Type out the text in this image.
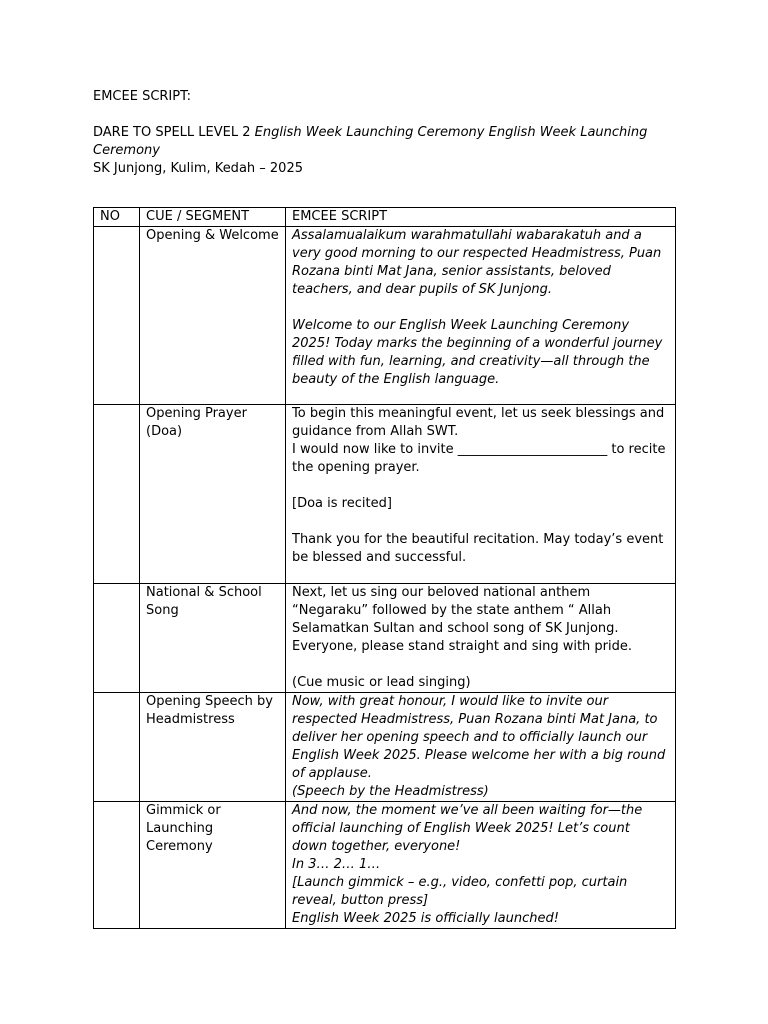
EMCEE SCRIPT:
DARE TO SPELL LEVEL 2 English Week Launching Ceremony English Week Launching Ceremony
SK Junjong, Kulim, Kedah – 2025
NO	CUE / SEGMENT	EMCEE SCRIPT
	Opening & Welcome	Assalamualaikum warahmatullahi wabarakatuh and a very good morning to our respected Headmistress, Puan Rozana binti Mat Jana, senior assistants, beloved teachers, and dear pupils of SK Junjong.

Welcome to our English Week Launching Ceremony 2025! Today marks the beginning of a wonderful journey filled with fun, learning, and creativity—all through the beauty of the English language.

	Opening Prayer (Doa)	To begin this meaningful event, let us seek blessings and guidance from Allah SWT.

I would now like to invite _______________________ to recite the opening prayer.

[Doa is recited]

Thank you for the beautiful recitation. May today’s event be blessed and successful.

	National & School Song	Next, let us sing our beloved national anthem “Negaraku” followed by the state anthem “ Allah Selamatkan Sultan and school song of SK Junjong. Everyone, please stand straight and sing with pride.

(Cue music or lead singing)

	Opening Speech by Headmistress	Now, with great honour, I would like to invite our respected Headmistress, Puan Rozana binti Mat Jana, to deliver her opening speech and to officially launch our English Week 2025. Please welcome her with a big round of applause.

(Speech by the Headmistress)

	Gimmick or Launching Ceremony	And now, the moment we’ve all been waiting for—the official launching of English Week 2025! Let’s count down together, everyone!

In 3… 2… 1…

[Launch gimmick – e.g., video, confetti pop, curtain reveal, button press]

English Week 2025 is officially launched!
